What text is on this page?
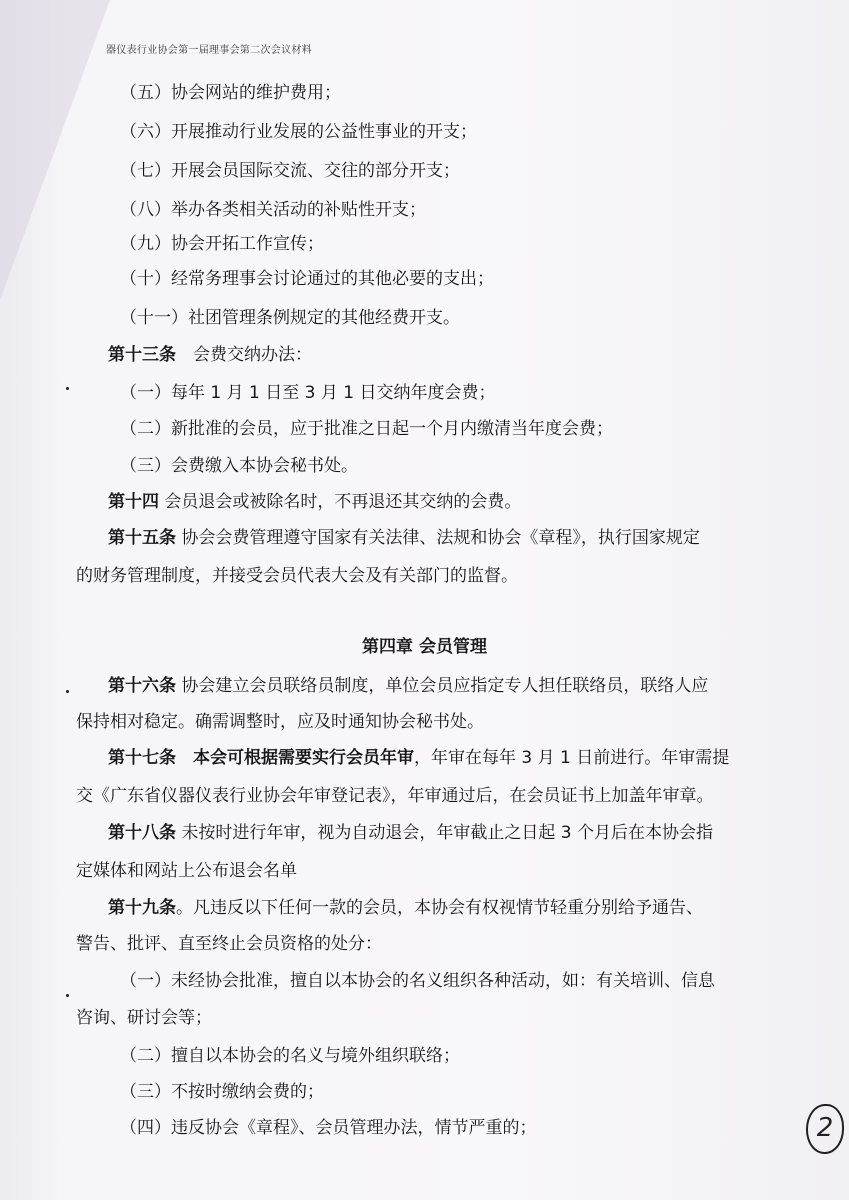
器仪表行业协会第一届理事会第二次会议材料
（五）协会网站的维护费用；
（六）开展推动行业发展的公益性事业的开支；
（七）开展会员国际交流、交往的部分开支；
（八）举办各类相关活动的补贴性开支；
（九）协会开拓工作宣传；
（十）经常务理事会讨论通过的其他必要的支出；
（十一）社团管理条例规定的其他经费开支。
第十三条　会费交纳办法：
（一）每年 1 月 1 日至 3 月 1 日交纳年度会费；
（二）新批准的会员，应于批准之日起一个月内缴清当年度会费；
（三）会费缴入本协会秘书处。
第十四 会员退会或被除名时，不再退还其交纳的会费。
第十五条 协会会费管理遵守国家有关法律、法规和协会《章程》，执行国家规定
的财务管理制度，并接受会员代表大会及有关部门的监督。
第四章 会员管理
第十六条 协会建立会员联络员制度，单位会员应指定专人担任联络员，联络人应
保持相对稳定。确需调整时，应及时通知协会秘书处。
第十七条　本会可根据需要实行会员年审，年审在每年 3 月 1 日前进行。年审需提
交《广东省仪器仪表行业协会年审登记表》，年审通过后，在会员证书上加盖年审章。
第十八条 未按时进行年审，视为自动退会，年审截止之日起 3 个月后在本协会指
定媒体和网站上公布退会名单
第十九条。凡违反以下任何一款的会员，本协会有权视情节轻重分别给予通告、
警告、批评、直至终止会员资格的处分：
（一）未经协会批准，擅自以本协会的名义组织各种活动，如：有关培训、信息
咨询、研讨会等；
（二）擅自以本协会的名义与境外组织联络；
（三）不按时缴纳会费的；
（四）违反协会《章程》、会员管理办法，情节严重的；	2
